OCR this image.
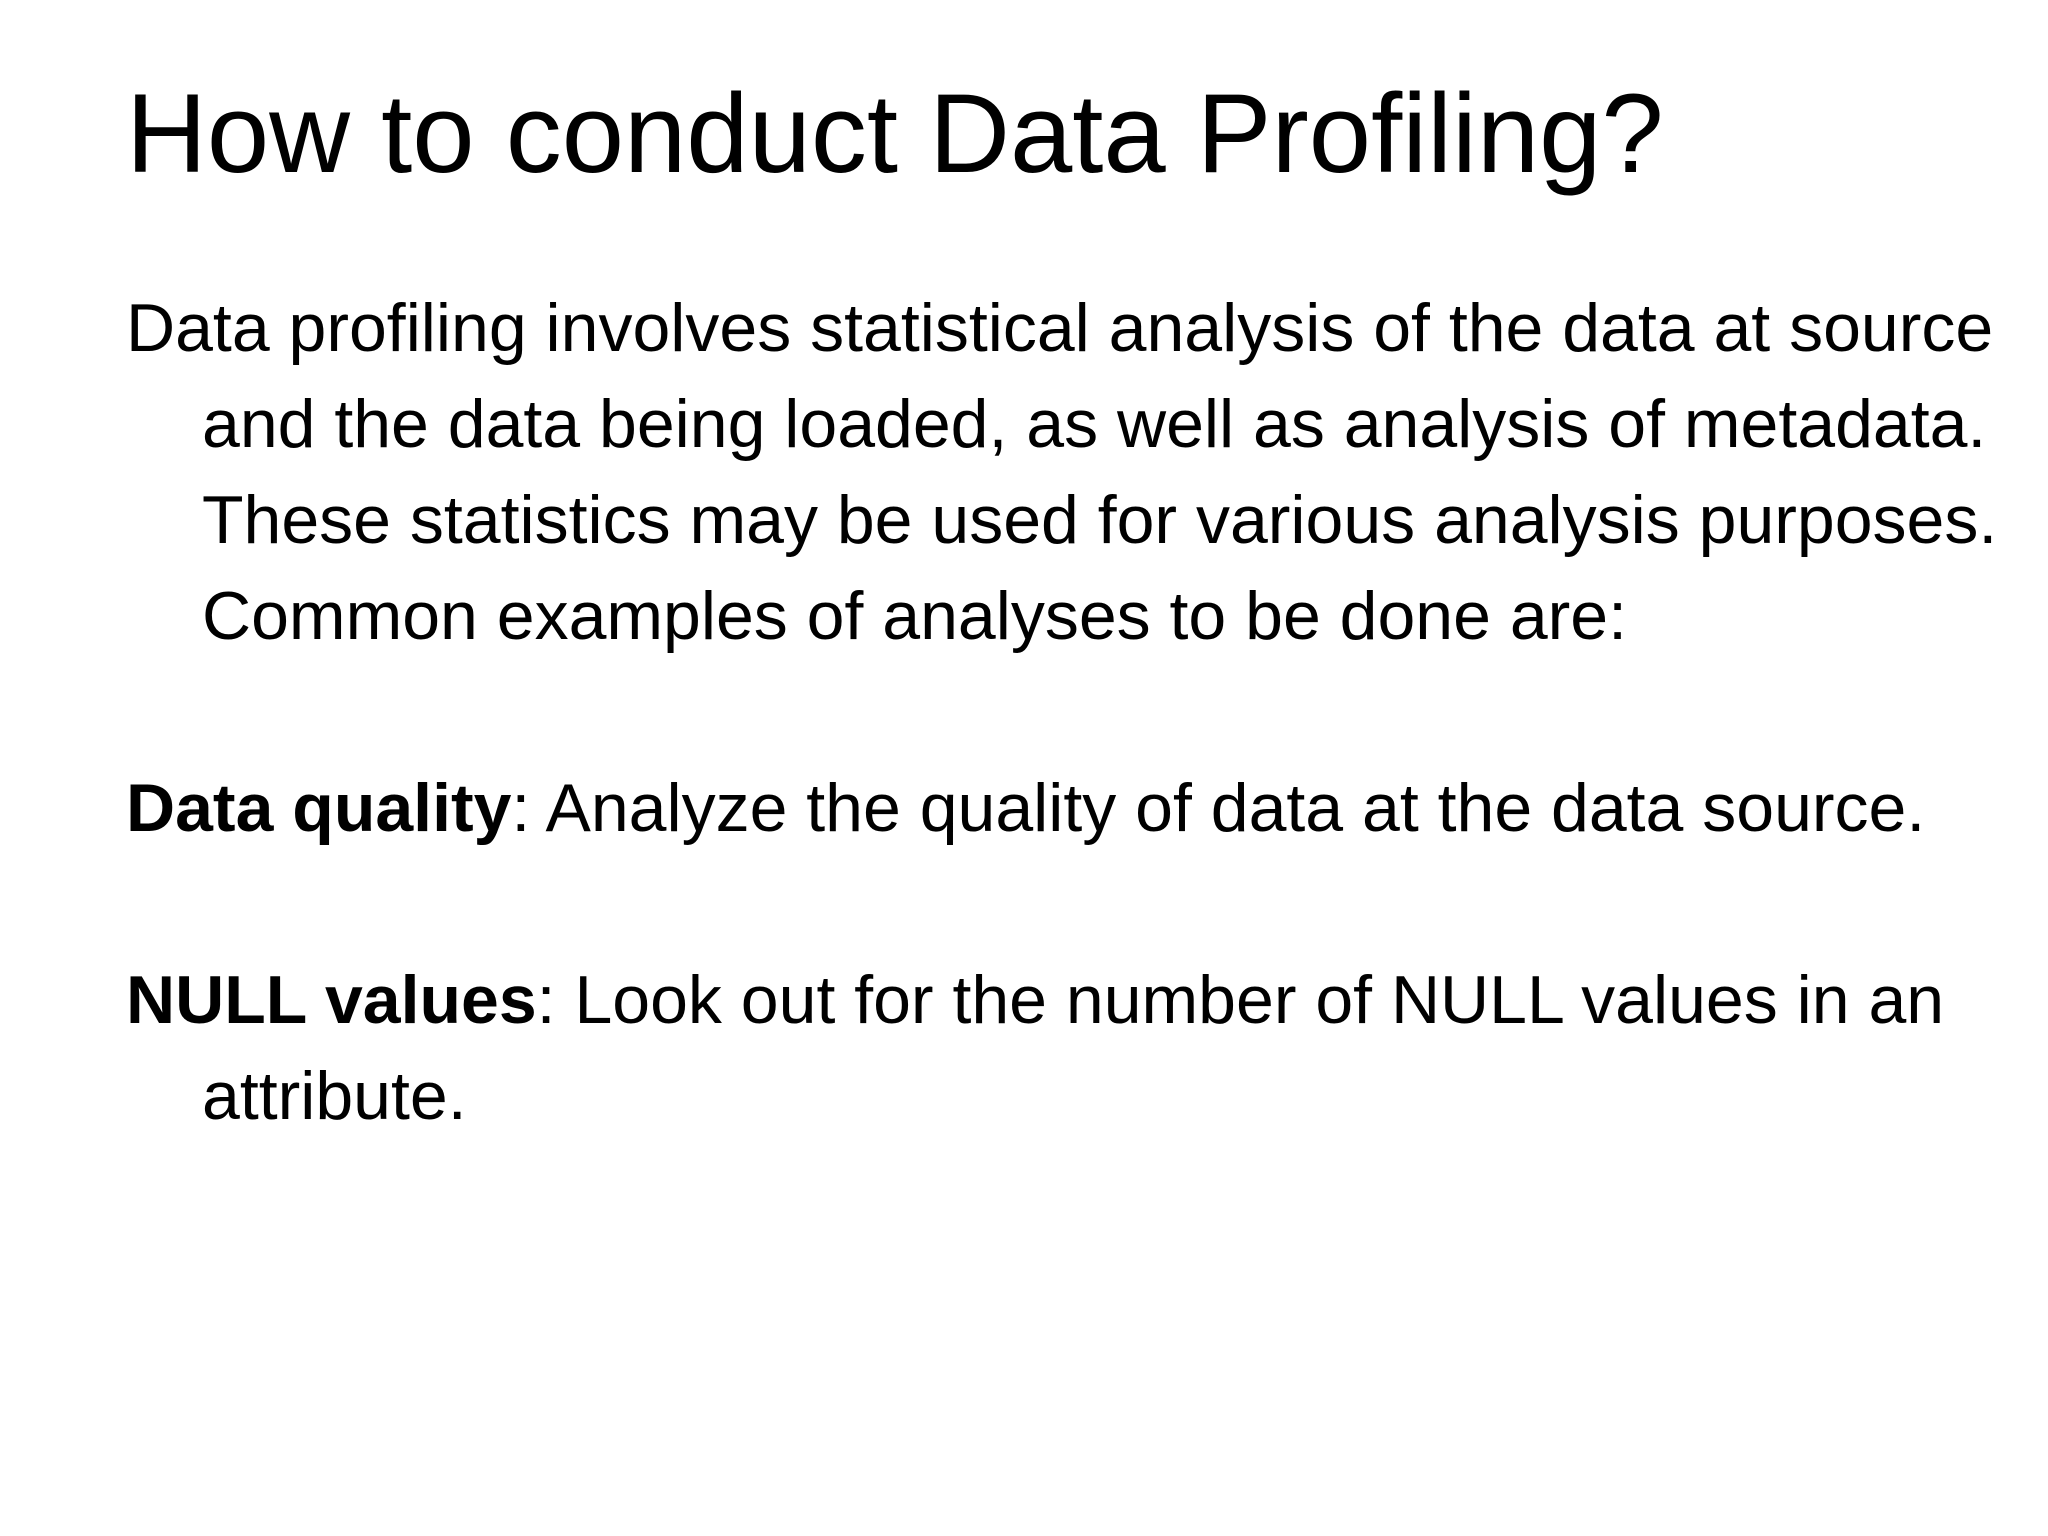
How to conduct Data Profiling?

Data profiling involves statistical analysis of the data at source and the data being loaded, as well as analysis of metadata. These statistics may be used for various analysis purposes. Common examples of analyses to be done are:

Data quality: Analyze the quality of data at the data source.

NULL values: Look out for the number of NULL values in an attribute.
